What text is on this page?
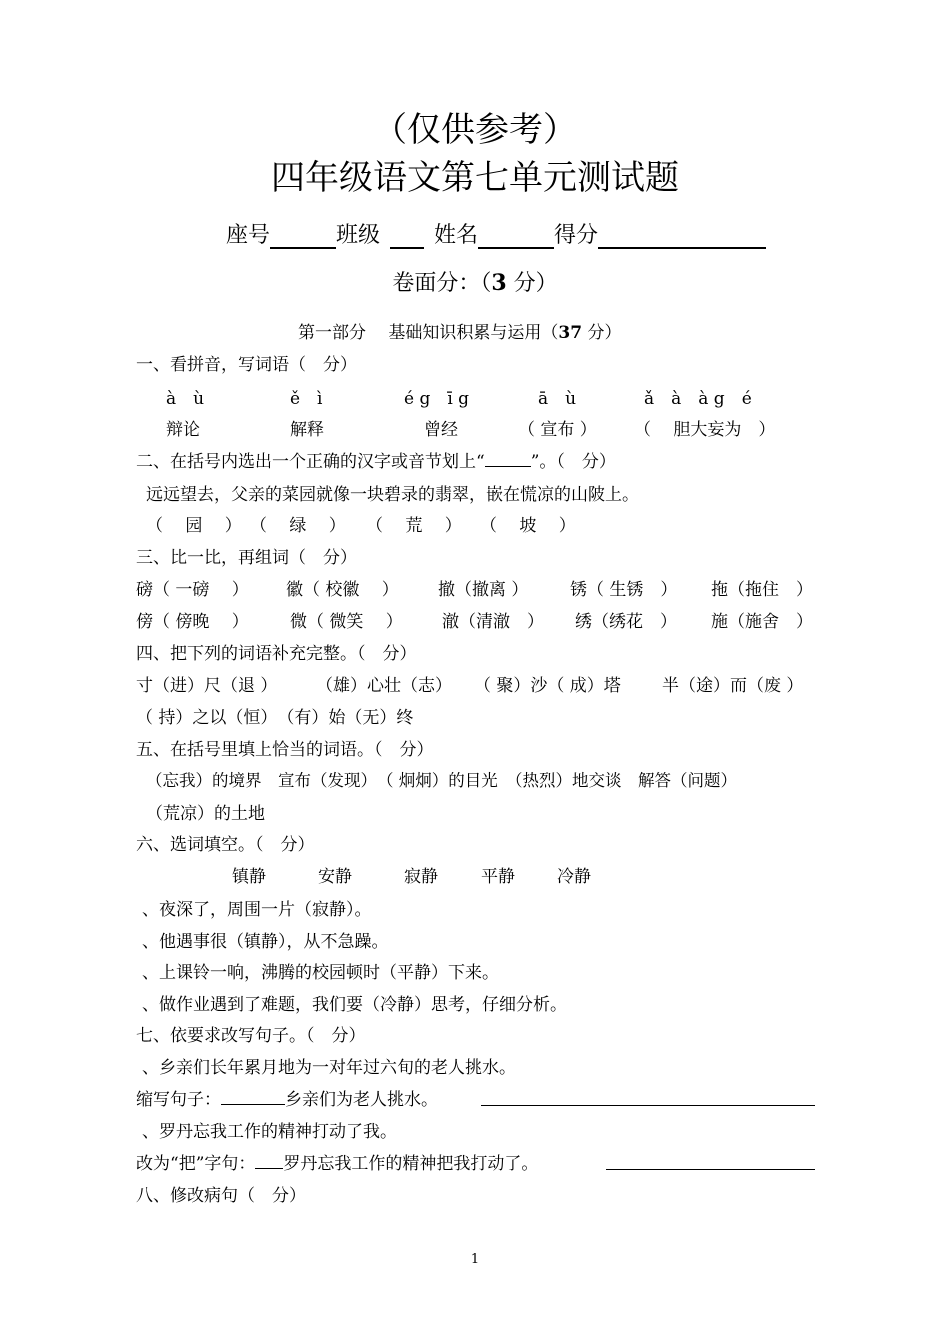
（仅供参考）
四年级语文第七单元测试题
座号	班级 姓名	得分
卷面分：（3 分）
第一部分　 基础知识积累与运用（37 分）
一、看拼音，写词语（　分）
à　ù	ě　ì	é g　ī g	ā　ù	ǎ　à　à g　é
辩论	解释	曾经	（ 宣布 ） （　 胆大妄为　）
二、在括号内选出一个正确的汉字或音节划上“	”。（　分）
远远望去，父亲的菜园就像一块碧录的翡翠，嵌在慌凉的山陂上。
（　 园　 ） （　 绿　 ） （　 荒　 ） （　 坡　 ）
三、比一比，再组词（　分）
磅（ 一磅　 ） 徽（ 校徽　 ） 撤（撤离 ） 锈（ 生锈　） 拖（拖住　）
傍（ 傍晚　 ） 微（ 微笑　 ） 澈（清澈　） 绣（绣花　） 施（施舍　）
四、把下列的词语补充完整。（　分）
寸（进）尺（退 ） （雄）心壮（志） （ 聚）沙（ 成）塔 半（途）而（废 ）
（ 持）之以（恒）　（有）始（无）终
五、在括号里填上恰当的词语。（　分）
（忘我）的境界　宣布（发现）　（ 炯炯）的目光　（热烈）地交谈　解答（问题）
（荒凉）的土地
六、选词填空。（　分）
镇静	安静	寂静	平静 冷静
、夜深了，周围一片（寂静）。
、他遇事很（镇静），从不急躁。
、上课铃一响，沸腾的校园顿时（平静）下来。
、做作业遇到了难题，我们要（冷静）思考，仔细分析。
七、依要求改写句子。（　分）
、乡亲们长年累月地为一对年过六旬的老人挑水。
缩写句子：	乡亲们为老人挑水。
、罗丹忘我工作的精神打动了我。
改为“把”字句： 罗丹忘我工作的精神把我打动了。
八、修改病句（　分）
1
